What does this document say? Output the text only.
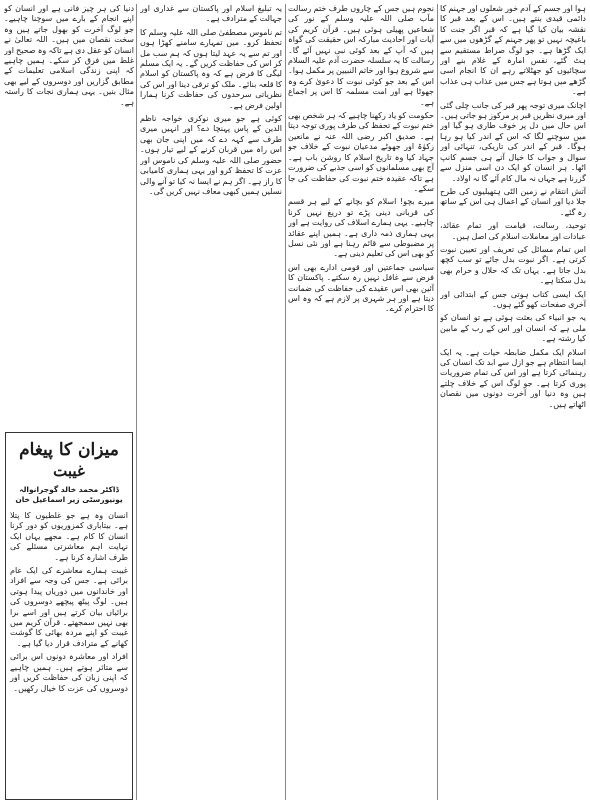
ہوا اور جسم کے آدم خور شعلوں اور جہنم کا دائمی قیدی بنتے ہیں۔ اس کے بعد قبر کا نقشہ بیان کیا گیا ہے کہ قبر اگر جنت کا باغیچہ نہیں تو پھر جہنم کے گڑھوں میں سے ایک گڑھا ہے۔ جو لوگ صراط مستقیم سے ہٹ گئے، نفس امارہ کے غلام بنے اور سچائیوں کو جھٹلاتے رہے ان کا انجام اسی گڑھے میں ہوتا ہے جس میں عذاب ہی عذاب ہے۔

اچانک میری توجہ پھر قبر کی جانب چلی گئی اور میری نظریں قبر پر مرکوز ہو جاتی ہیں۔ اس حال میں دل پر خوف طاری ہو گیا اور میں سوچنے لگا کہ اس کے اندر کیا ہو رہا ہوگا۔ قبر کے اندر کی تاریکی، تنہائی اور سوال و جواب کا خیال آتے ہی جسم کانپ اٹھا۔ ہر انسان کو ایک دن اسی منزل سے گزرنا ہے جہاں نہ مال کام آئے گا نہ اولاد۔

آتش انتقام نے زمین الٹی ہتھیلیوں کی طرح جلا دیا اور انسان کے اعمال ہی اس کے ساتھ رہ گئے۔

توحید، رسالت، قیامت اور تمام عقائد، عبادات اور معاملات اسلام کی اصل ہیں۔

اس تمام مسائل کی تعریف اور تعیین نبوت کرتی ہے۔ اگر نبوت بدل جائے تو سب کچھ بدل جاتا ہے۔ یہاں تک کہ حلال و حرام بھی بدل سکتا ہے۔

ایک ایسی کتاب ہوتی جس کے ابتدائی اور آخری صفحات کھو گئے ہوں۔

یہ جو انبیاء کی بعثت ہوئی ہے تو انسان کو ملی ہے کہ انسان اور اس کے رب کے مابین کیا رشتہ ہے۔

اسلام ایک مکمل ضابطہ حیات ہے۔ یہ ایک ایسا انتظام ہے جو ازل سے ابد تک انسان کی رہنمائی کرتا ہے اور اس کی تمام ضروریات پوری کرتا ہے۔ جو لوگ اس کے خلاف چلتے ہیں وہ دنیا اور آخرت دونوں میں نقصان اٹھاتے ہیں۔

نجوم ہیں جس کے چاروں طرف ختم رسالت مآب صلی اللہ علیہ وسلم کے نور کی شعاعیں پھیلی ہوئی ہیں۔ قرآن کریم کی آیات اور احادیث مبارکہ اس حقیقت کی گواہ ہیں کہ آپ کے بعد کوئی نبی نہیں آئے گا۔ رسالت کا یہ سلسلہ حضرت آدم علیہ السلام سے شروع ہوا اور خاتم النبیین پر مکمل ہوا۔ اس کے بعد جو کوئی نبوت کا دعویٰ کرے وہ جھوٹا ہے اور امت مسلمہ کا اس پر اجماع ہے۔

حکومت کو یاد رکھنا چاہیے کہ ہر شخص بھی ختم نبوت کے تحفظ کی طرف پوری توجہ دیتا ہے۔ صدیق اکبر رضی اللہ عنہ نے مانعین زکوٰۃ اور جھوٹے مدعیان نبوت کے خلاف جو جہاد کیا وہ تاریخ اسلام کا روشن باب ہے۔ آج بھی مسلمانوں کو اسی جذبے کی ضرورت ہے تاکہ عقیدہ ختم نبوت کی حفاظت کی جا سکے۔

میرے بچو! اسلام کو بچانے کے لیے ہر قسم کی قربانی دینی پڑے تو دریغ نہیں کرنا چاہیے۔ یہی ہمارے اسلاف کی روایت ہے اور یہی ہماری ذمہ داری ہے۔ ہمیں اپنے عقائد پر مضبوطی سے قائم رہنا ہے اور نئی نسل کو بھی اس کی تعلیم دینی ہے۔

سیاسی جماعتیں اور قومی ادارے بھی اس فرض سے غافل نہیں رہ سکتے۔ پاکستان کا آئین بھی اس عقیدے کی حفاظت کی ضمانت دیتا ہے اور ہر شہری پر لازم ہے کہ وہ اس کا احترام کرے۔

یہ تبلیغ اسلام اور پاکستان سے غداری اور جہالت کے مترادف ہے۔

تم ناموس مصطفیٰ صلی اللہ علیہ وسلم کا تحفظ کرو۔ میں تمہارے سامنے کھڑا ہوں اور تم سے یہ عہد لیتا ہوں کہ ہم سب مل کر اس کی حفاظت کریں گے۔ یہ ایک مسلم لیگی کا فرض ہے کہ وہ پاکستان کو اسلام کا قلعہ بنائے۔ ملک کو ترقی دینا اور اس کی نظریاتی سرحدوں کی حفاظت کرنا ہمارا اولین فرض ہے۔

کوئی ہے جو میری نوکری خواجہ ناظم الدین کے پاس پہنچا دے؟ اور انہیں میری طرف سے کہہ دے کہ میں اپنی جان بھی اس راہ میں قربان کرنے کے لیے تیار ہوں۔ حضور صلی اللہ علیہ وسلم کی ناموس اور عزت کا تحفظ کرو اور یہی ہماری کامیابی کا راز ہے۔ اگر ہم نے ایسا نہ کیا تو آنے والی نسلیں ہمیں کبھی معاف نہیں کریں گی۔

دنیا کی ہر چیز فانی ہے اور انسان کو اپنے انجام کے بارے میں سوچنا چاہیے۔ جو لوگ آخرت کو بھول جاتے ہیں وہ سخت نقصان میں ہیں۔ اللہ تعالیٰ نے انسان کو عقل دی ہے تاکہ وہ صحیح اور غلط میں فرق کر سکے۔ ہمیں چاہیے کہ اپنی زندگی اسلامی تعلیمات کے مطابق گزاریں اور دوسروں کے لیے بھی مثال بنیں۔ یہی ہماری نجات کا راستہ ہے۔

میزان کا پیغام
غیبت
ڈاکٹر محمد خالد گوجرانوالہ یونیورسٹی زیر اسماعیل خان

انسان وہ ہے جو غلطیوں کا پتلا ہے۔ بیتاباری کمزوریوں کو دور کرنا انسان کا کام ہے۔ مجھے یہاں ایک نہایت اہم معاشرتی مسئلے کی طرف اشارہ کرنا ہے۔

غیبت ہمارے معاشرے کی ایک عام برائی ہے۔ جس کی وجہ سے افراد اور خاندانوں میں دوریاں پیدا ہوتی ہیں۔ لوگ پیٹھ پیچھے دوسروں کی برائیاں بیان کرتے ہیں اور اسے برا بھی نہیں سمجھتے۔ قرآن کریم میں غیبت کو اپنے مردہ بھائی کا گوشت کھانے کے مترادف قرار دیا گیا ہے۔

افراد اور معاشرہ دونوں اس برائی سے متاثر ہوتے ہیں۔ ہمیں چاہیے کہ اپنی زبان کی حفاظت کریں اور دوسروں کی عزت کا خیال رکھیں۔
